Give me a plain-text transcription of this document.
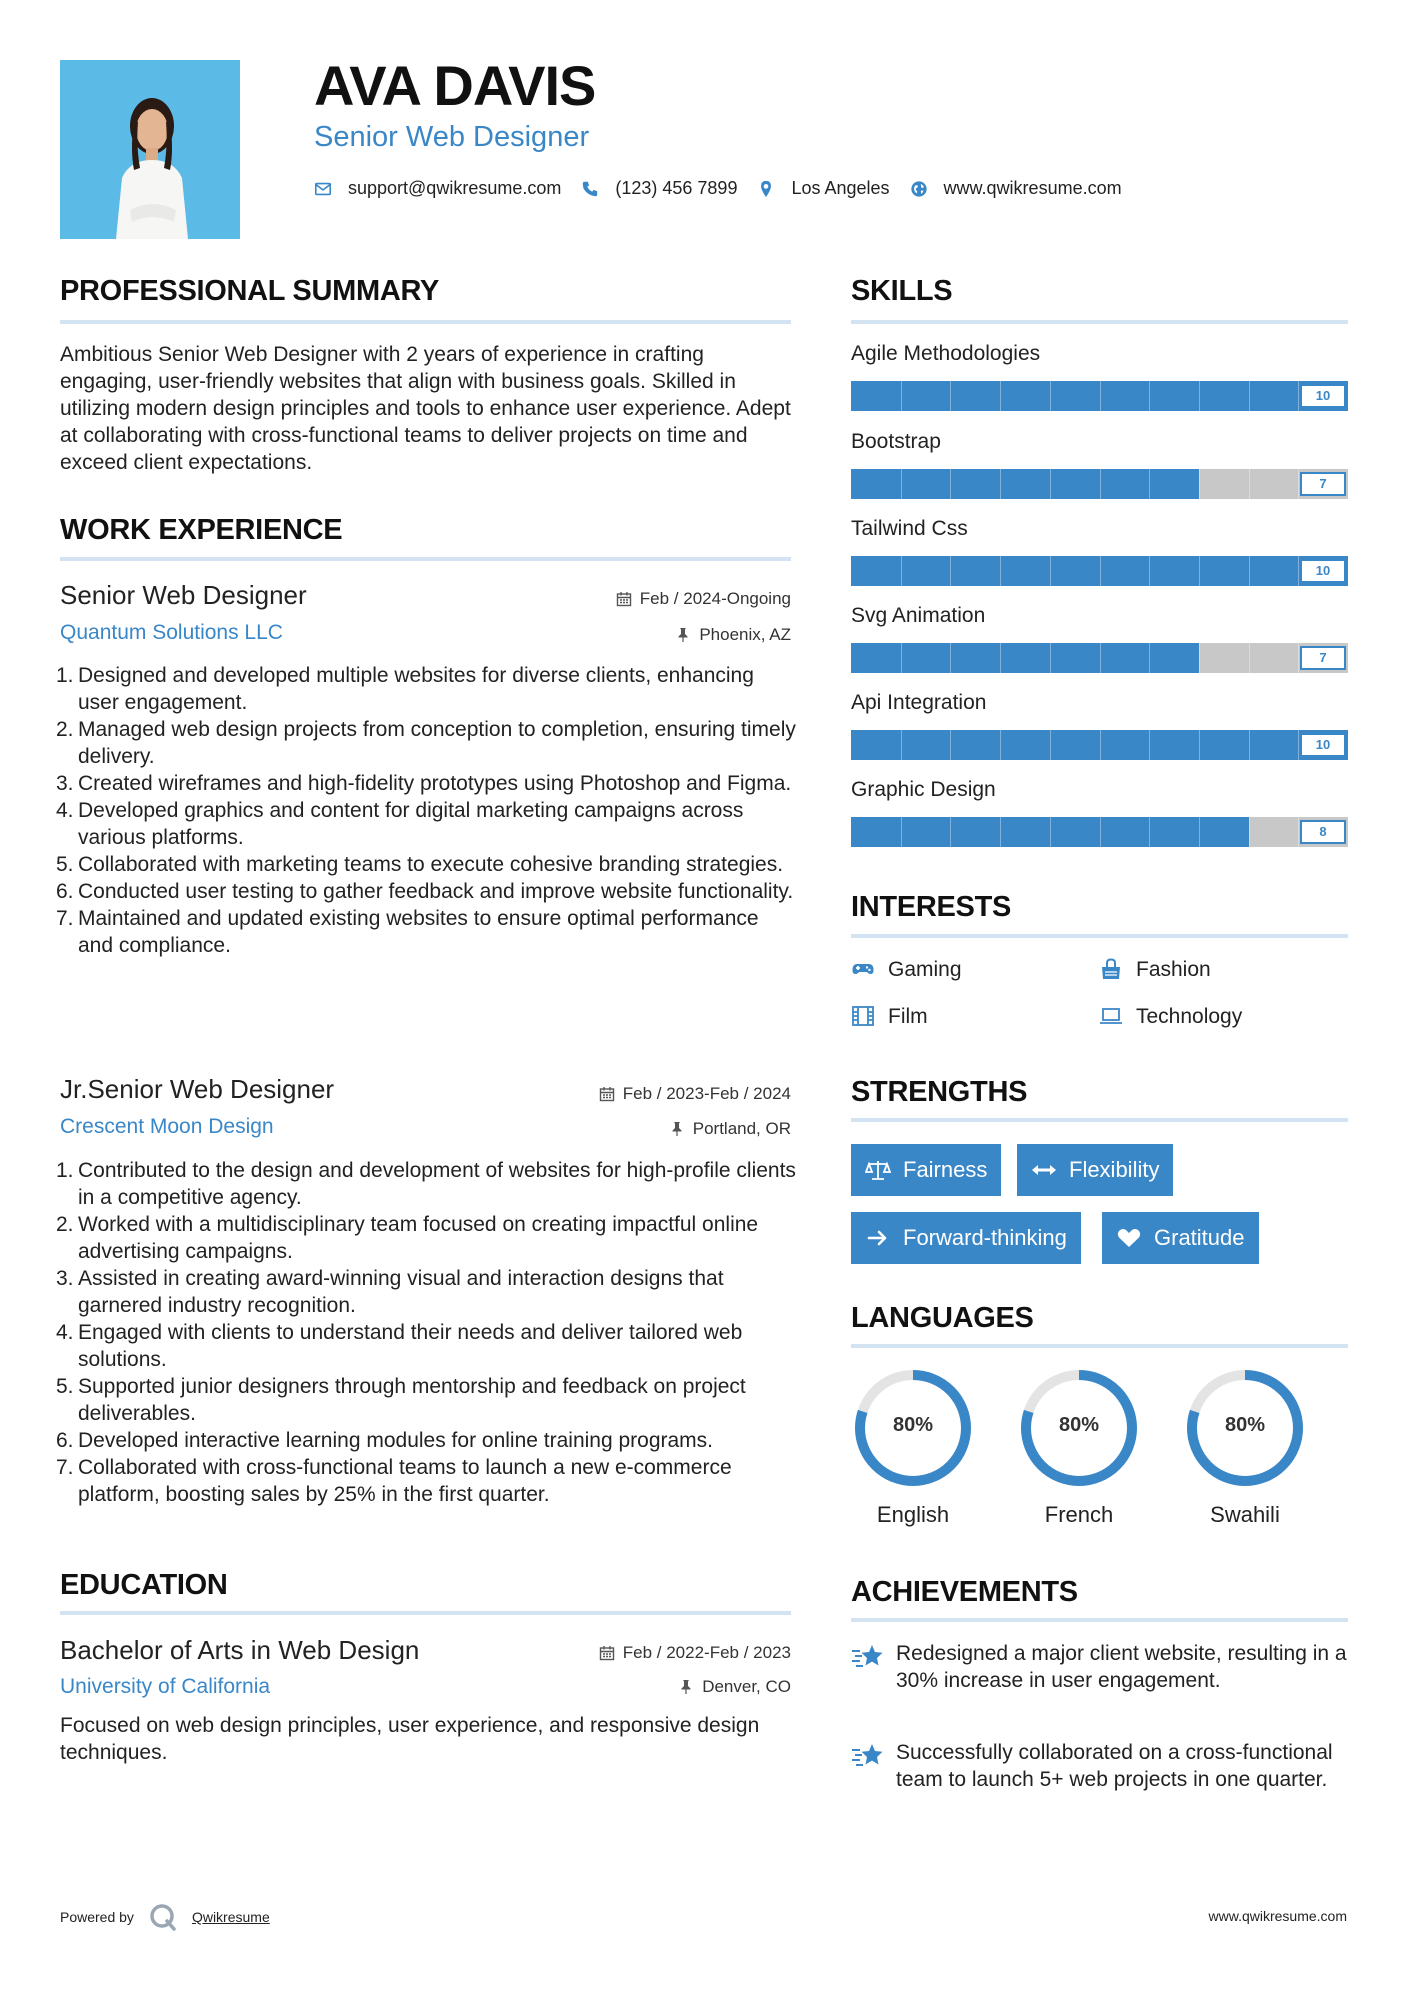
AVA DAVIS
Senior Web Designer
support@qwikresume.com	(123) 456 7899	Los Angeles	www.qwikresume.com
PROFESSIONAL SUMMARY
Ambitious Senior Web Designer with 2 years of experience in crafting engaging, user-friendly websites that align with business goals. Skilled in utilizing modern design principles and tools to enhance user experience. Adept at collaborating with cross-functional teams to deliver projects on time and exceed client expectations.
WORK EXPERIENCE
Senior Web Designer	Feb / 2024-Ongoing
Quantum Solutions LLC	Phoenix, AZ
1. Designed and developed multiple websites for diverse clients, enhancing user engagement.
2. Managed web design projects from conception to completion, ensuring timely delivery.
3. Created wireframes and high-fidelity prototypes using Photoshop and Figma.
4. Developed graphics and content for digital marketing campaigns across various platforms.
5. Collaborated with marketing teams to execute cohesive branding strategies.
6. Conducted user testing to gather feedback and improve website functionality.
7. Maintained and updated existing websites to ensure optimal performance and compliance.
Jr.Senior Web Designer	Feb / 2023-Feb / 2024
Crescent Moon Design	Portland, OR
1. Contributed to the design and development of websites for high-profile clients in a competitive agency.
2. Worked with a multidisciplinary team focused on creating impactful online advertising campaigns.
3. Assisted in creating award-winning visual and interaction designs that garnered industry recognition.
4. Engaged with clients to understand their needs and deliver tailored web solutions.
5. Supported junior designers through mentorship and feedback on project deliverables.
6. Developed interactive learning modules for online training programs.
7. Collaborated with cross-functional teams to launch a new e-commerce platform, boosting sales by 25% in the first quarter.
EDUCATION
Bachelor of Arts in Web Design	Feb / 2022-Feb / 2023
University of California	Denver, CO
Focused on web design principles, user experience, and responsive design techniques.
SKILLS
Agile Methodologies
10
Bootstrap
7
Tailwind Css
10
Svg Animation
7
Api Integration
10
Graphic Design
8
INTERESTS
Gaming	Fashion
Film	Technology
STRENGTHS
Fairness	Flexibility
Forward-thinking	Gratitude
LANGUAGES
80%
English
80%
French
80%
Swahili
ACHIEVEMENTS
Redesigned a major client website, resulting in a 30% increase in user engagement.
Successfully collaborated on a cross-functional team to launch 5+ web projects in one quarter.
Powered by	Qwikresume	www.qwikresume.com
